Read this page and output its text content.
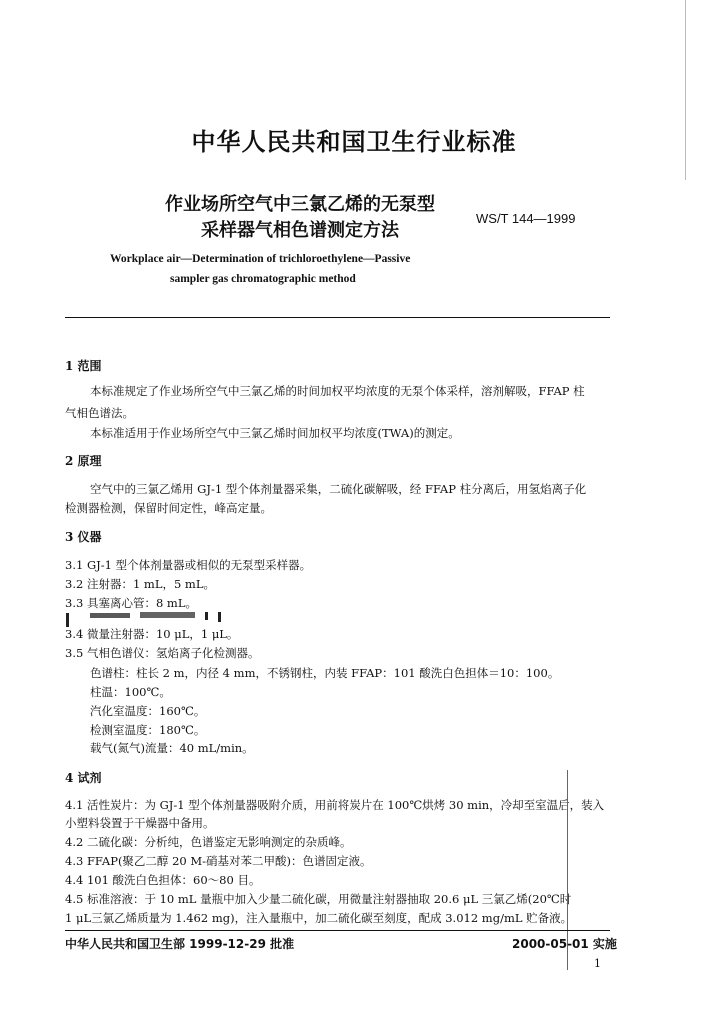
中华人民共和国卫生行业标准
作业场所空气中三氯乙烯的无泵型
采样器气相色谱测定方法
WS/T 144—1999
Workplace air—Determination of trichloroethylene—Passive
sampler gas chromatographic method
1 范围
本标准规定了作业场所空气中三氯乙烯的时间加权平均浓度的无泵个体采样，溶剂解吸，FFAP 柱
气相色谱法。
本标准适用于作业场所空气中三氯乙烯时间加权平均浓度(TWA)的测定。
2 原理
空气中的三氯乙烯用 GJ-1 型个体剂量器采集，二硫化碳解吸，经 FFAP 柱分离后，用氢焰离子化
检测器检测，保留时间定性，峰高定量。
3 仪器
3.1 GJ-1 型个体剂量器或相似的无泵型采样器。
3.2 注射器：1 mL，5 mL。
3.3 具塞离心管：8 mL。
3.4 微量注射器：10 μL，1 μL。
3.5 气相色谱仪：氢焰离子化检测器。
色谱柱：柱长 2 m，内径 4 mm，不锈钢柱，内装 FFAP：101 酸洗白色担体＝10：100。
柱温：100℃。
汽化室温度：160℃。
检测室温度：180℃。
载气(氮气)流量：40 mL/min。
4 试剂
4.1 活性炭片：为 GJ-1 型个体剂量器吸附介质，用前将炭片在 100℃烘烤 30 min，冷却至室温后，装入
小塑料袋置于干燥器中备用。
4.2 二硫化碳：分析纯，色谱鉴定无影响测定的杂质峰。
4.3 FFAP(聚乙二醇 20 M-硝基对苯二甲酸)：色谱固定液。
4.4 101 酸洗白色担体：60～80 目。
4.5 标准溶液：于 10 mL 量瓶中加入少量二硫化碳，用微量注射器抽取 20.6 μL 三氯乙烯(20℃时
1 μL三氯乙烯质量为 1.462 mg)，注入量瓶中，加二硫化碳至刻度，配成 3.012 mg/mL 贮备液。
中华人民共和国卫生部 1999-12-29 批准	2000-05-01 实施
1
